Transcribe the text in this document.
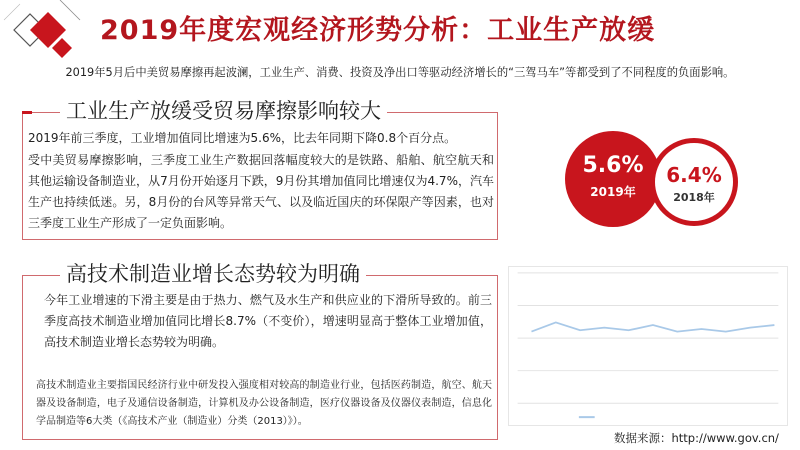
2019年度宏观经济形势分析：工业生产放缓
2019年5月后中美贸易摩擦再起波澜，工业生产、消费、投资及净出口等驱动经济增长的“三驾马车”等都受到了不同程度的负面影响。
工业生产放缓受贸易摩擦影响较大
2019年前三季度，工业增加值同比增速为5.6%，比去年同期下降0.8个百分点。
受中美贸易摩擦影响，三季度工业生产数据回落幅度较大的是铁路、船舶、航空航天和其他运输设备制造业，从7月份开始逐月下跌，9月份其增加值同比增速仅为4.7%，汽车生产也持续低迷。另，8月份的台风等异常天气、以及临近国庆的环保限产等因素，也对三季度工业生产形成了一定负面影响。
5.6%
2019年
6.4%
2018年
高技术制造业增长态势较为明确
今年工业增速的下滑主要是由于热力、燃气及水生产和供应业的下滑所导致的。前三季度高技术制造业增加值同比增长8.7%（不变价），增速明显高于整体工业增加值，高技术制造业增长态势较为明确。
高技术制造业主要指国民经济行业中研发投入强度相对较高的制造业行业，包括医药制造，航空、航天器及设备制造，电子及通信设备制造，计算机及办公设备制造，医疗仪器设备及仪器仪表制造，信息化学品制造等6大类（《高技术产业（制造业）分类（2013）》）。
数据来源：http://www.gov.cn/
